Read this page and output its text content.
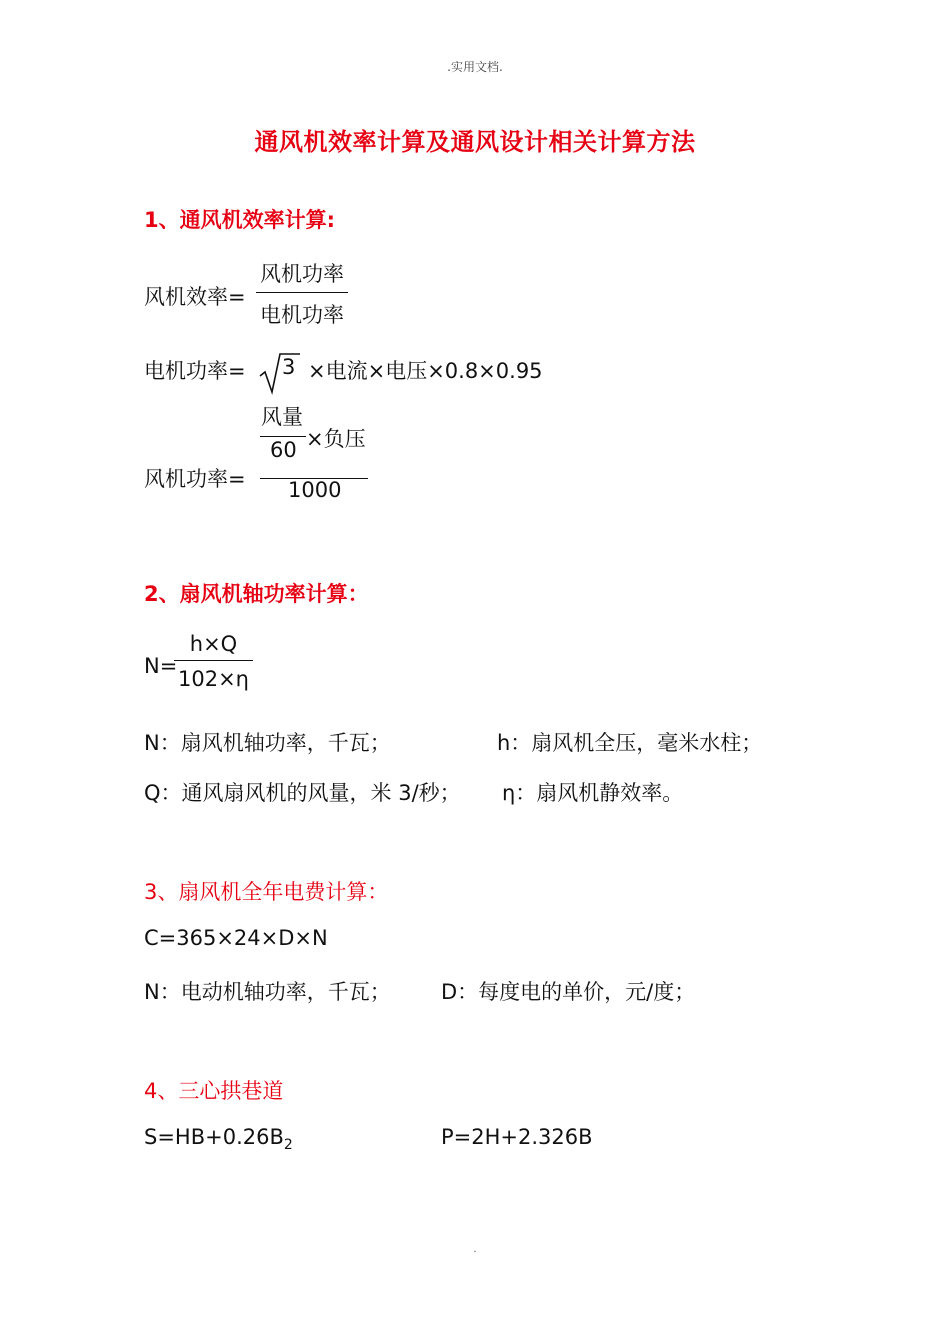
.实用文档.
通风机效率计算及通风设计相关计算方法
1、通风机效率计算:
风机效率= $\frac{\text{风机功率}}{\text{电机功率}}$
电机功率= 3 ×电流×电压×0.8×0.95
风量
60 ×负压
风机功率= 1000
2、扇风机轴功率计算：
N=
$\frac{h\times Q}{102\times\eta}$
N：扇风机轴功率，千瓦；	h：扇风机全压，毫米水柱；
Q：通风扇风机的风量，米 3/秒； η：扇风机静效率。
3、扇风机全年电费计算：
C=365×24×D×N
N：电动机轴功率，千瓦； D：每度电的单价，元/度；
4、三心拱巷道
$S=HB+0.26B_2$	P=2H+2.326B
.
